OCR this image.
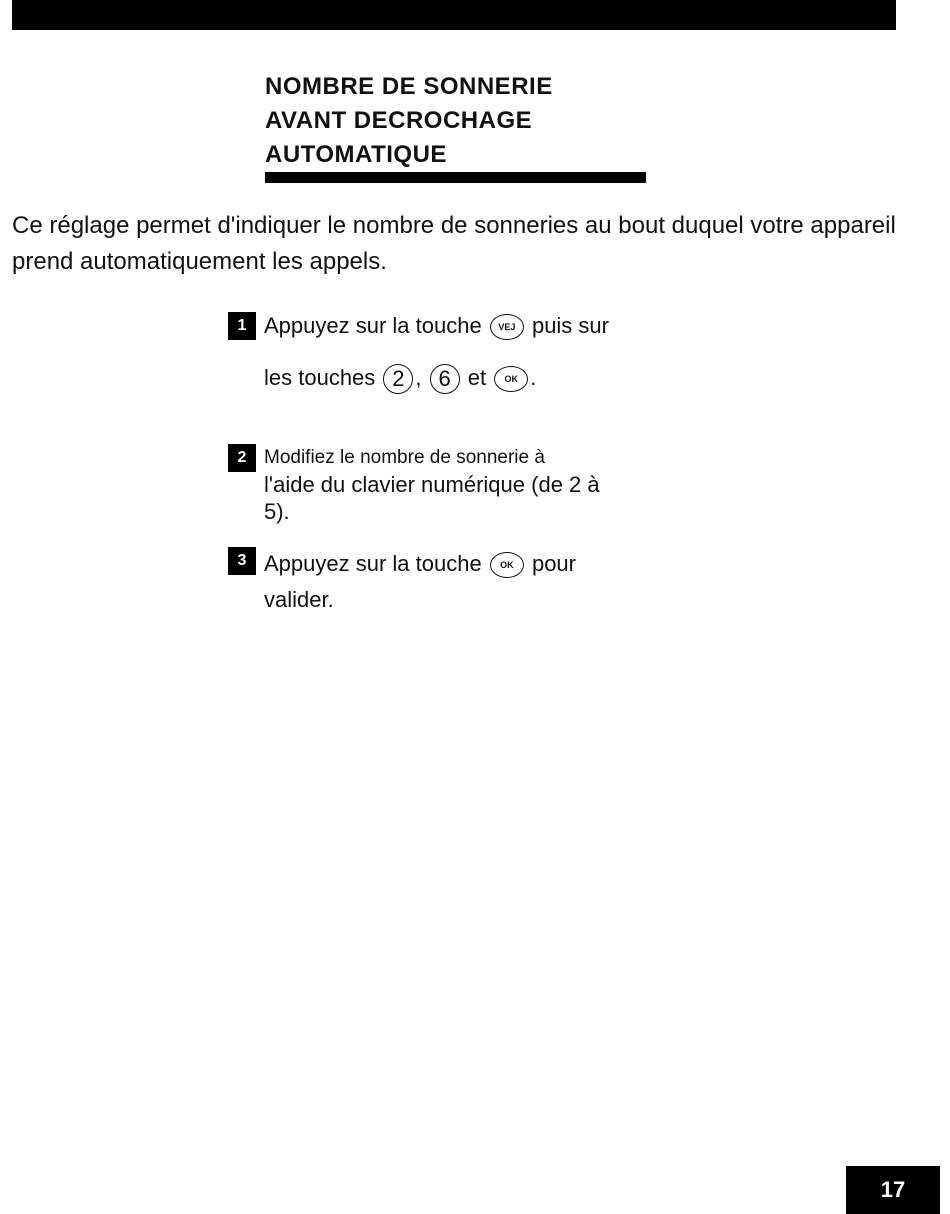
NOMBRE DE SONNERIE
AVANT DECROCHAGE
AUTOMATIQUE
Ce réglage permet d'indiquer le nombre de sonneries au bout duquel votre appareil prend automatiquement les appels.
1 Appuyez sur la touche VEJ puis sur
les touches 2 , 6 et OK .
2 Modifiez le nombre de sonnerie à
l'aide du clavier numérique (de 2 à
5).
3 Appuyez sur la touche OK pour
valider.
17
